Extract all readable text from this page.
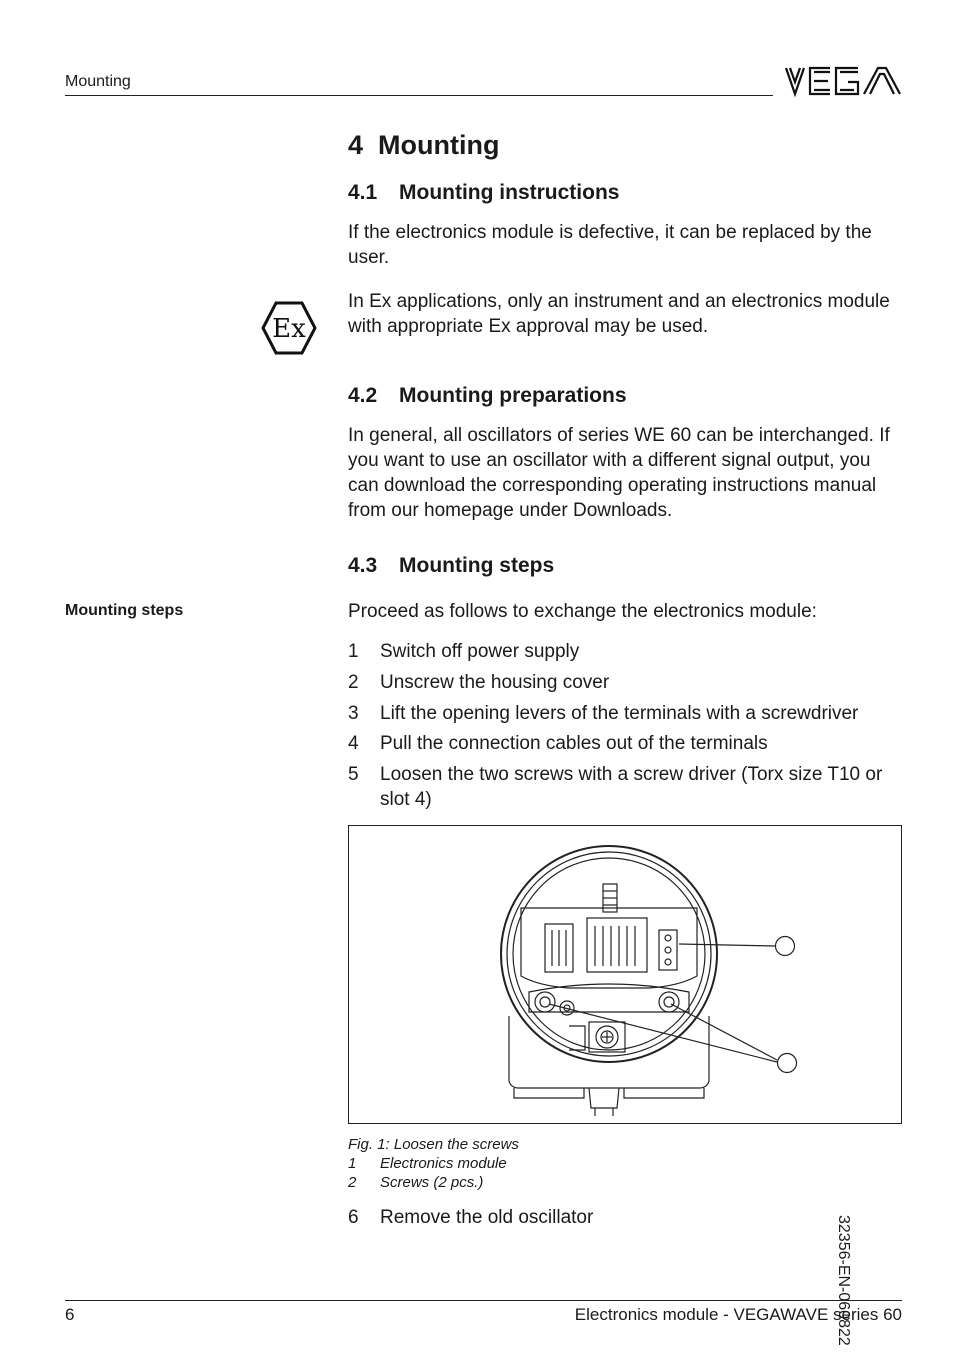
Mounting
4 Mounting
4.1 Mounting instructions
If the electronics module is defective, it can be replaced by the user.
Ex
In Ex applications, only an instrument and an electronics module with appropriate Ex approval may be used.
4.2 Mounting preparations
In general, all oscillators of series WE 60 can be interchanged. If you want to use an oscillator with a different signal output, you can download the corresponding operating instructions manual from our homepage under Downloads.
4.3 Mounting steps
Mounting steps	Proceed as follows to exchange the electronics module:
1	Switch off power supply
2	Unscrew the housing cover
3	Lift the opening levers of the terminals with a screwdriver
4	Pull the connection cables out of the terminals
5	Loosen the two screws with a screw driver (Torx size T10 or slot 4)
Fig. 1: Loosen the screws
1	Electronics module
2	Screws (2 pcs.)
6	Remove the old oscillator	32356-EN-060822
6	Electronics module - VEGAWAVE series 60
